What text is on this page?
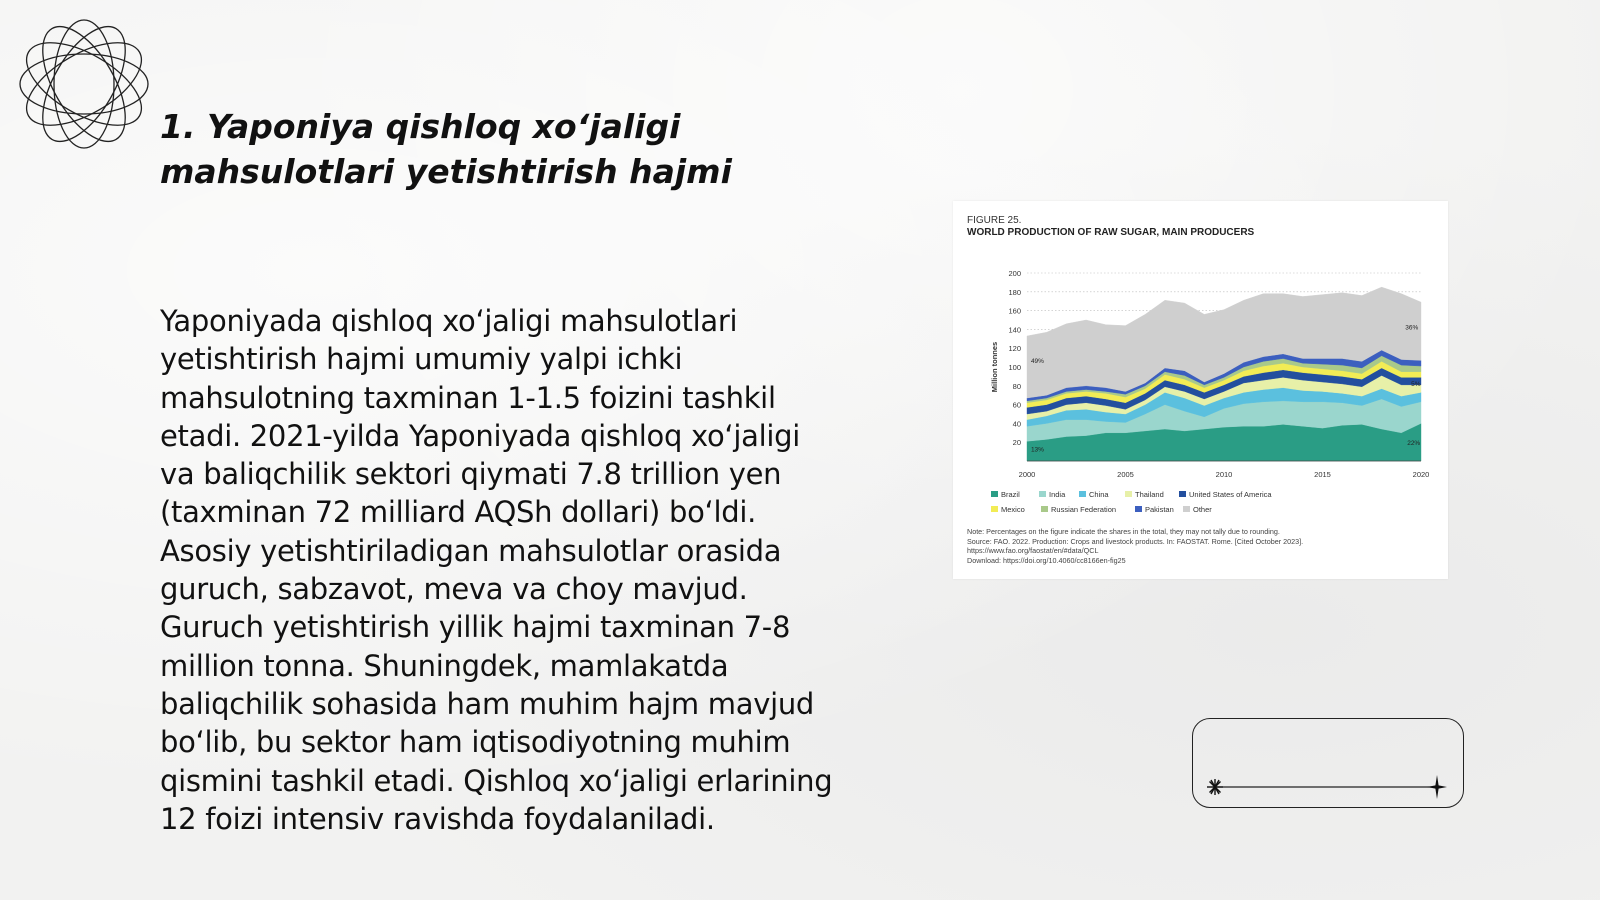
1. Yaponiya qishloq xo‘jaligi
mahsulotlari yetishtirish hajmi

Yaponiyada qishloq xo‘jaligi mahsulotlari yetishtirish hajmi umumiy yalpi ichki mahsulotning taxminan 1-1.5 foizini tashkil etadi. 2021-yilda Yaponiyada qishloq xo‘jaligi va baliqchilik sektori qiymati 7.8 trillion yen (taxminan 72 milliard AQSh dollari) bo‘ldi. Asosiy yetishtiriladigan mahsulotlar orasida guruch, sabzavot, meva va choy mavjud. Guruch yetishtirish yillik hajmi taxminan 7-8 million tonna. Shuningdek, mamlakatda baliqchilik sohasida ham muhim hajm mavjud bo‘lib, bu sektor ham iqtisodiyotning muhim qismini tashkil etadi. Qishloq xo‘jaligi erlarining 12 foizi intensiv ravishda foydalaniladi.

FIGURE 25.
WORLD PRODUCTION OF RAW SUGAR, MAIN PRODUCERS
20
40
60
80
100
120
140
160
180
200
2000	2005	2010	2015	2020
Million tonnes	49%
13%
36%
5%
22%
Brazil	India	China	Thailand	United States of America
Mexico	Russian Federation	Pakistan	Other
Note: Percentages on the figure indicate the shares in the total, they may not tally due to rounding.
Source: FAO. 2022. Production: Crops and livestock products. In: FAOSTAT. Rome. [Cited October 2023].
https://www.fao.org/faostat/en/#data/QCL
Download: https://doi.org/10.4060/cc8166en-fig25
